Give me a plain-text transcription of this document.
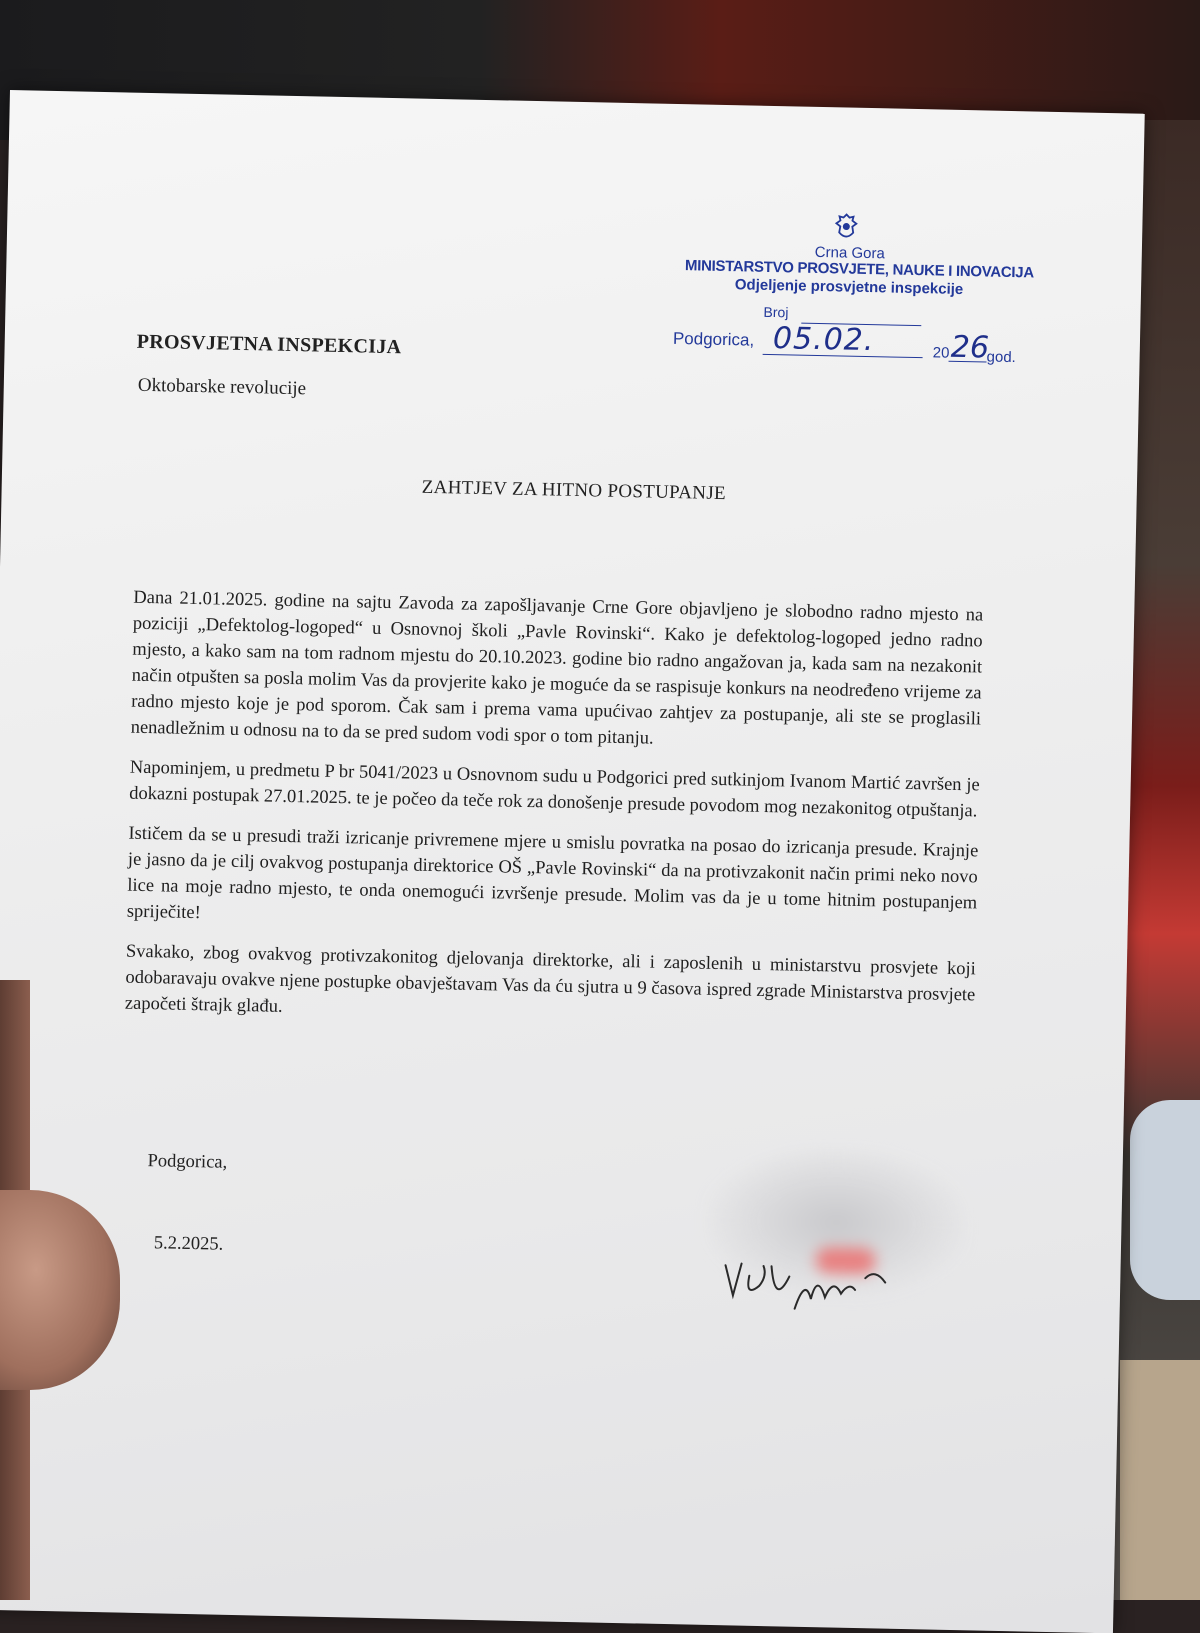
Crna Gora
MINISTARSTVO PROSVJETE, NAUKE I INOVACIJA
Odjeljenje prosvjetne inspekcije
Broj
Podgorica, 05.02.	20 26
god.
PROSVJETNA INSPEKCIJA
Oktobarske revolucije
ZAHTJEV ZA HITNO POSTUPANJE

Dana 21.01.2025. godine na sajtu Zavoda za zapošljavanje Crne Gore objavljeno je slobodno radno mjesto na poziciji „Defektolog-logoped“ u Osnovnoj školi „Pavle Rovinski“. Kako je defektolog-logoped jedno radno mjesto, a kako sam na tom radnom mjestu do 20.10.2023. godine bio radno angažovan ja, kada sam na nezakonit način otpušten sa posla molim Vas da provjerite kako je moguće da se raspisuje konkurs na neodređeno vrijeme za radno mjesto koje je pod sporom. Čak sam i prema vama upućivao zahtjev za postupanje, ali ste se proglasili nenadležnim u odnosu na to da se pred sudom vodi spor o tom pitanju.

Napominjem, u predmetu P br 5041/2023 u Osnovnom sudu u Podgorici pred sutkinjom Ivanom Martić završen je dokazni postupak 27.01.2025. te je počeo da teče rok za donošenje presude povodom mog nezakonitog otpuštanja.

Ističem da se u presudi traži izricanje privremene mjere u smislu povratka na posao do izricanja presude. Krajnje je jasno da je cilj ovakvog postupanja direktorice OŠ „Pavle Rovinski“ da na protivzakonit način primi neko novo lice na moje radno mjesto, te onda onemogući izvršenje presude. Molim vas da je u tome hitnim postupanjem spriječite!

Svakako, zbog ovakvog protivzakonitog djelovanja direktorke, ali i zaposlenih u ministarstvu prosvjete koji odobaravaju ovakve njene postupke obavještavam Vas da ću sjutra u 9 časova ispred zgrade Ministarstva prosvjete započeti štrajk glađu.

Podgorica,
5.2.2025.
